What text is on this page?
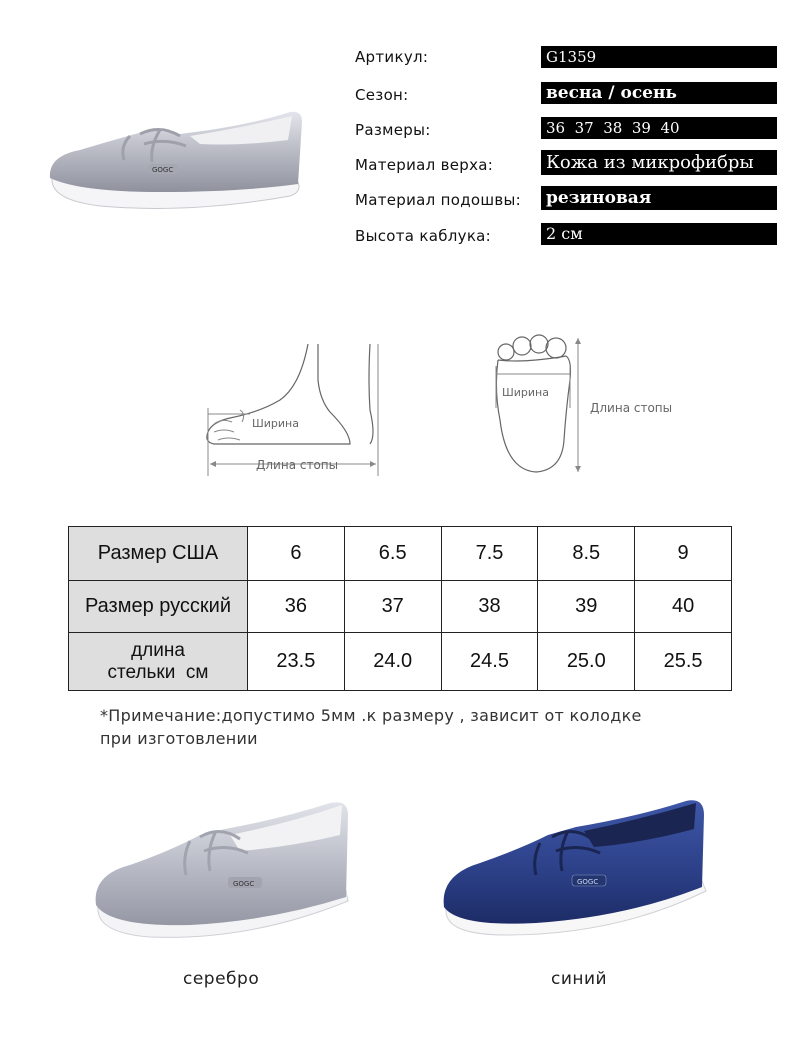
GOGC
Артикул:	G1359
Сезон:	весна / осень
Размеры:	36  37  38  39  40
Материал верха:	Кожа из микрофибры
Материал подошвы: резиновая
Высота каблука:	2 см
Ширина
Длина стопы
Ширина
Длина стопы
Размер США	6	6.5	7.5	8.5	9
Размер русский	36	37	38	39	40

длина
стельки  см	23.5	24.0	24.5	25.0	25.5
*Примечание:допустимо 5мм .к размеру , зависит от колодке
при изготовлении
GOGC
серебро
GOGC
синий
